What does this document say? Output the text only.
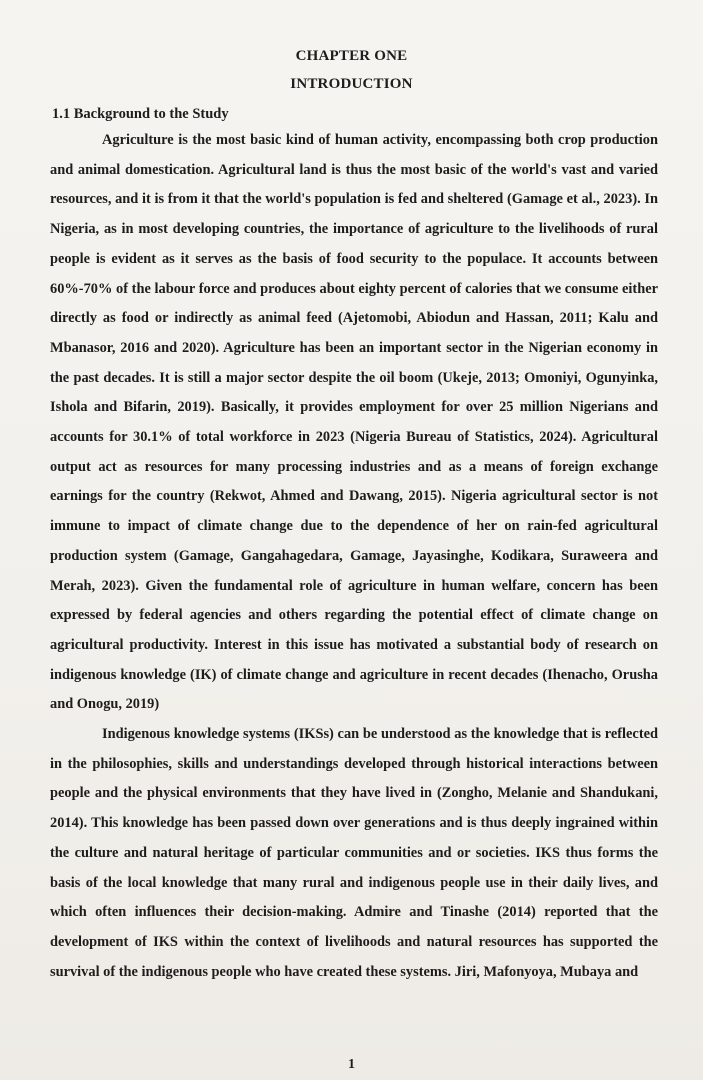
CHAPTER ONE
INTRODUCTION
1.1 Background to the Study

Agriculture is the most basic kind of human activity, encompassing both crop production and animal domestication. Agricultural land is thus the most basic of the world's vast and varied resources, and it is from it that the world's population is fed and sheltered (Gamage et al., 2023). In Nigeria, as in most developing countries, the importance of agriculture to the livelihoods of rural people is evident as it serves as the basis of food security to the populace. It accounts between 60%-70% of the labour force and produces about eighty percent of calories that we consume either directly as food or indirectly as animal feed (Ajetomobi, Abiodun and Hassan, 2011; Kalu and Mbanasor, 2016 and 2020). Agriculture has been an important sector in the Nigerian economy in the past decades. It is still a major sector despite the oil boom (Ukeje, 2013; Omoniyi, Ogunyinka, Ishola and Bifarin, 2019). Basically, it provides employment for over 25 million Nigerians and accounts for 30.1% of total workforce in 2023 (Nigeria Bureau of Statistics, 2024). Agricultural output act as resources for many processing industries and as a means of foreign exchange earnings for the country (Rekwot, Ahmed and Dawang, 2015). Nigeria agricultural sector is not immune to impact of climate change due to the dependence of her on rain-fed agricultural production system (Gamage, Gangahagedara, Gamage, Jayasinghe, Kodikara, Suraweera and Merah, 2023). Given the fundamental role of agriculture in human welfare, concern has been expressed by federal agencies and others regarding the potential effect of climate change on agricultural productivity. Interest in this issue has motivated a substantial body of research on indigenous knowledge (IK) of climate change and agriculture in recent decades (Ihenacho, Orusha and Onogu, 2019)

Indigenous knowledge systems (IKSs) can be understood as the knowledge that is reflected in the philosophies, skills and understandings developed through historical interactions between people and the physical environments that they have lived in (Zongho, Melanie and Shandukani, 2014). This knowledge has been passed down over generations and is thus deeply ingrained within the culture and natural heritage of particular communities and or societies. IKS thus forms the basis of the local knowledge that many rural and indigenous people use in their daily lives, and which often influences their decision-making. Admire and Tinashe (2014) reported that the development of IKS within the context of livelihoods and natural resources has supported the survival of the indigenous people who have created these systems. Jiri, Mafonyoya, Mubaya and

1
